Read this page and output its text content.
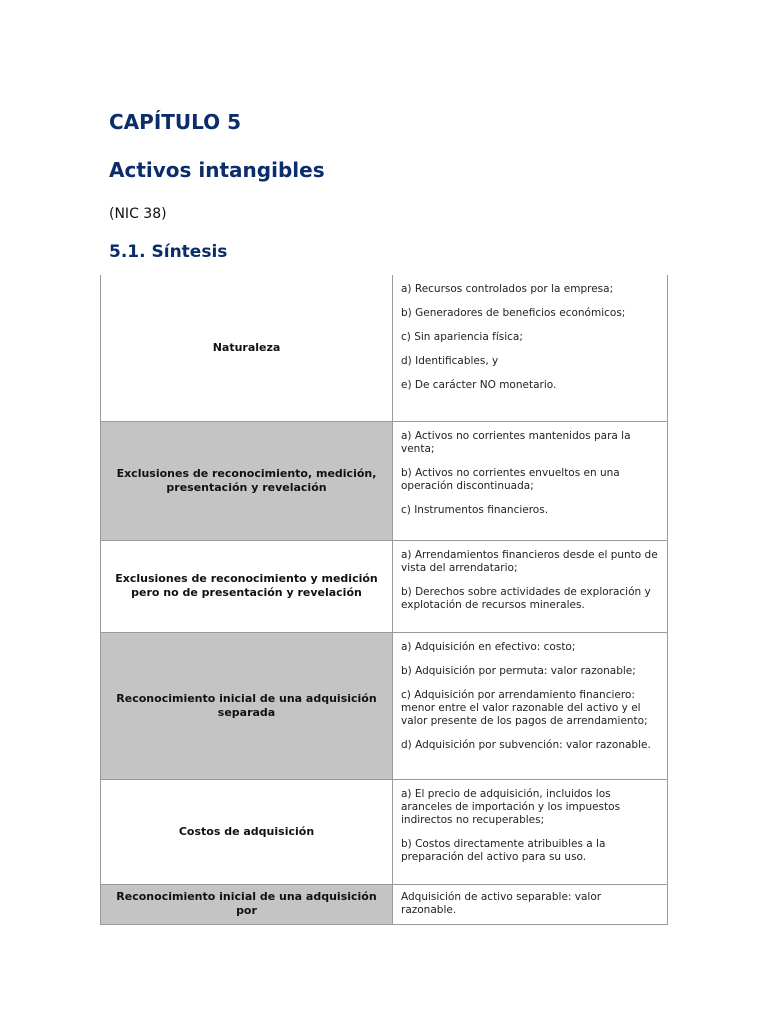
CAPÍTULO 5
Activos intangibles

(NIC 38)

5.1. Síntesis
Naturaleza	a) Recursos controlados por la empresa;
b) Generadores de beneficios económicos;
c) Sin apariencia física;
d) Identificables, y
e) De carácter NO monetario.

Exclusiones de reconocimiento, medición, presentación y revelación	a) Activos no corrientes mantenidos para la venta;
b) Activos no corrientes envueltos en una operación discontinuada;
c) Instrumentos financieros.

Exclusiones de reconocimiento y medición pero no de presentación y revelación	a) Arrendamientos financieros desde el punto de vista del arrendatario;
b) Derechos sobre actividades de exploración y explotación de recursos minerales.

Reconocimiento inicial de una adquisición separada	a) Adquisición en efectivo: costo;
b) Adquisición por permuta: valor razonable;
c) Adquisición por arrendamiento financiero: menor entre el valor razonable del activo y el valor presente de los pagos de arrendamiento;
d) Adquisición por subvención: valor razonable.

Costos de adquisición	a) El precio de adquisición, incluidos los aranceles de importación y los impuestos indirectos no recuperables;
b) Costos directamente atribuibles a la preparación del activo para su uso.

Reconocimiento inicial de una adquisición por	Adquisición de activo separable: valor razonable.
